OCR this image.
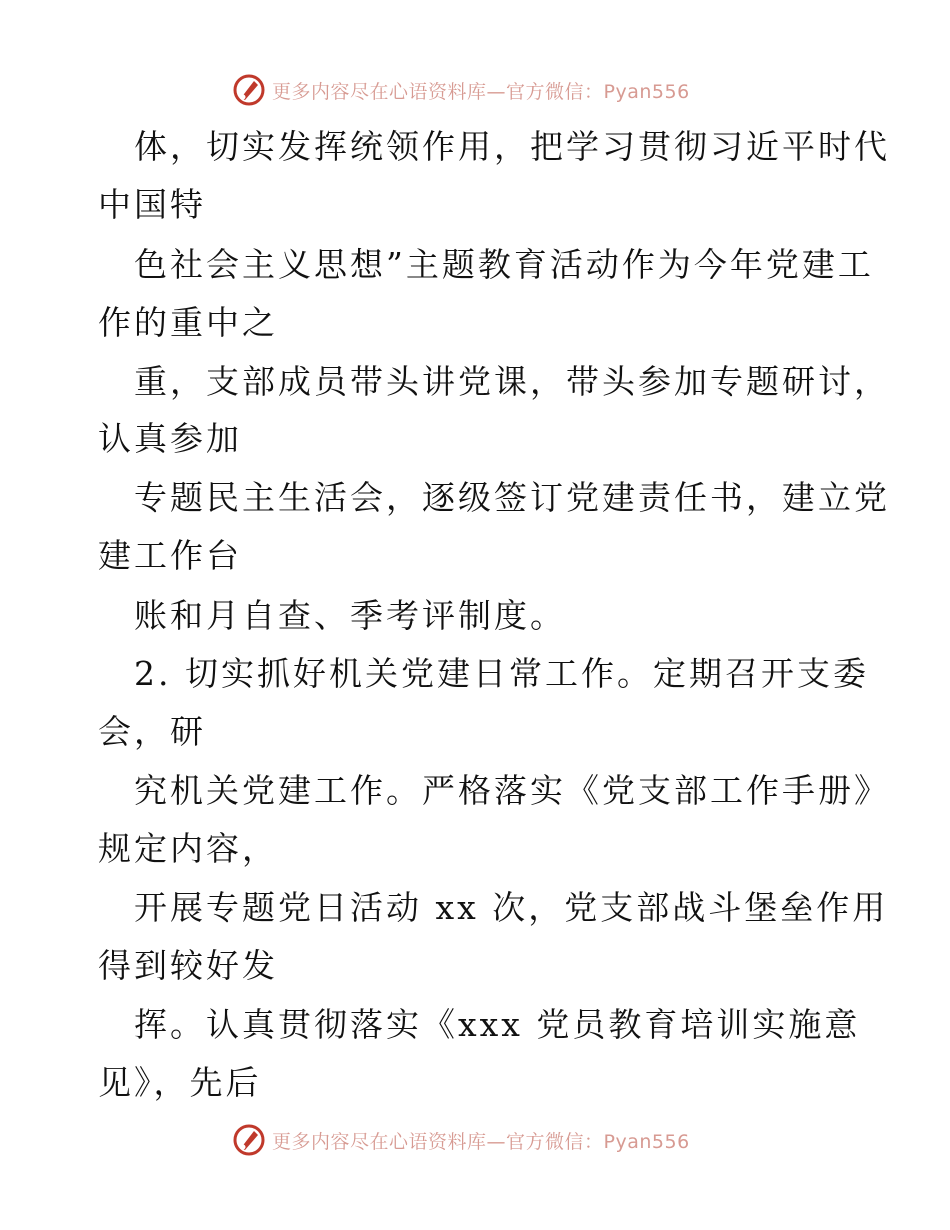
更多内容尽在心语资料库—官方微信：Pyan556
体，切实发挥统领作用，把学习贯彻习近平时代
中国特
色社会主义思想”主题教育活动作为今年党建工
作的重中之
重，支部成员带头讲党课，带头参加专题研讨，
认真参加
专题民主生活会，逐级签订党建责任书，建立党
建工作台
账和月自查、季考评制度。
2. 切实抓好机关党建日常工作。定期召开支委
会，研
究机关党建工作。严格落实《党支部工作手册》
规定内容，
开展专题党日活动 xx 次，党支部战斗堡垒作用
得到较好发
挥。认真贯彻落实《xxx 党员教育培训实施意
见》，先后
更多内容尽在心语资料库—官方微信：Pyan556
